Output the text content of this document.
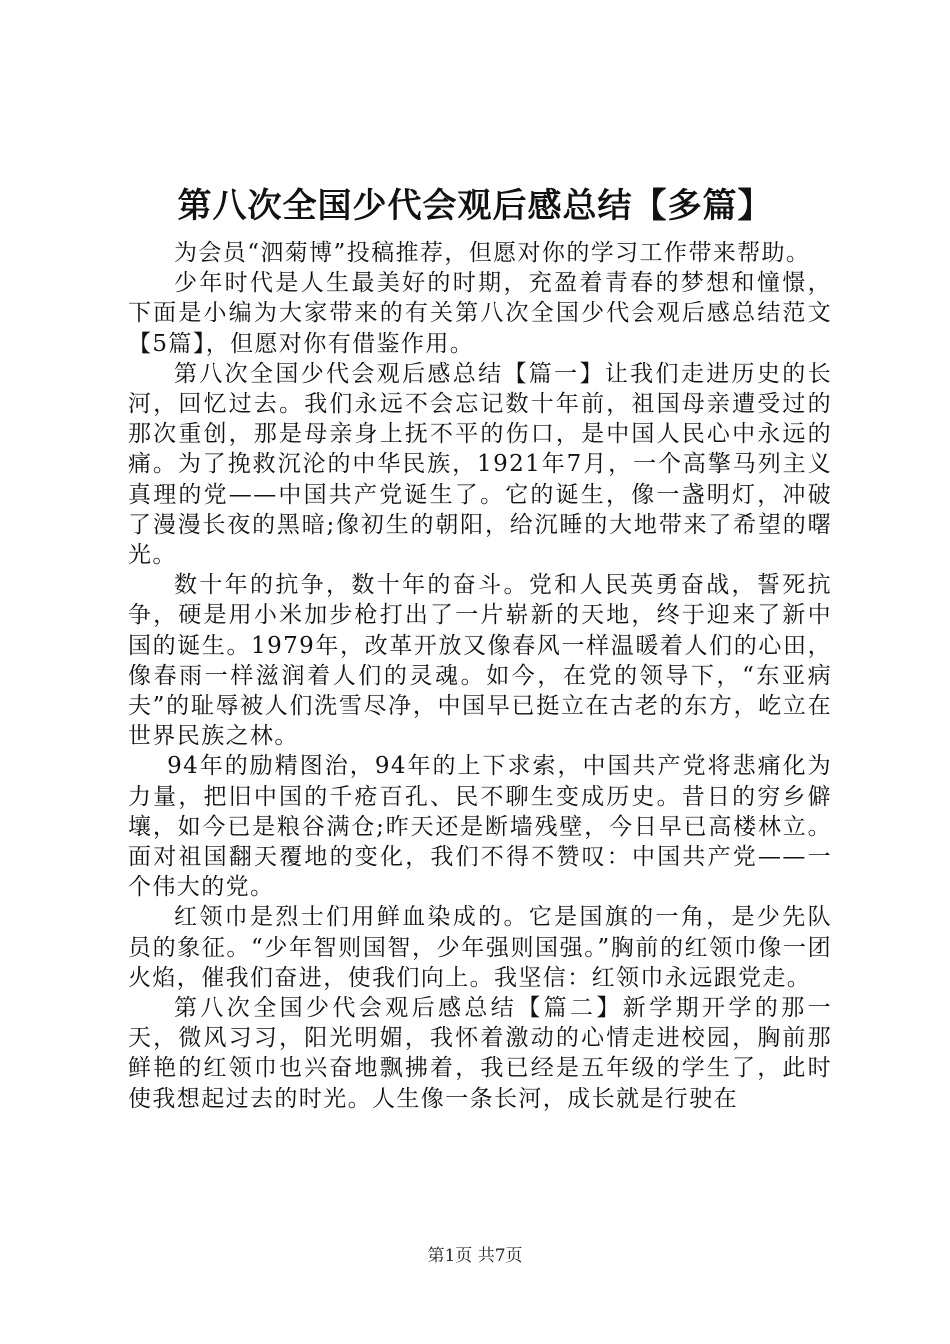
第八次全国少代会观后感总结【多篇】

为会员“泗菊博”投稿推荐，但愿对你的学习工作带来帮助。

少年时代是人生最美好的时期，充盈着青春的梦想和憧憬，下面是小编为大家带来的有关第八次全国少代会观后感总结范文【5篇】，但愿对你有借鉴作用。

第八次全国少代会观后感总结【篇一】让我们走进历史的长河，回忆过去。我们永远不会忘记数十年前，祖国母亲遭受过的那次重创，那是母亲身上抚不平的伤口，是中国人民心中永远的痛。为了挽救沉沦的中华民族，1921年7月，一个高擎马列主义真理的党——中国共产党诞生了。它的诞生，像一盏明灯，冲破了漫漫长夜的黑暗;像初生的朝阳，给沉睡的大地带来了希望的曙光。

数十年的抗争，数十年的奋斗。党和人民英勇奋战，誓死抗争，硬是用小米加步枪打出了一片崭新的天地，终于迎来了新中国的诞生。1979年，改革开放又像春风一样温暖着人们的心田，像春雨一样滋润着人们的灵魂。如今，在党的领导下，“东亚病夫”的耻辱被人们洗雪尽净，中国早已挺立在古老的东方，屹立在世界民族之林。

94年的励精图治，94年的上下求索，中国共产党将悲痛化为力量，把旧中国的千疮百孔、民不聊生变成历史。昔日的穷乡僻壤，如今已是粮谷满仓;昨天还是断墙残壁，今日早已高楼林立。面对祖国翻天覆地的变化，我们不得不赞叹：中国共产党——一个伟大的党。

红领巾是烈士们用鲜血染成的。它是国旗的一角，是少先队员的象征。“少年智则国智，少年强则国强。”胸前的红领巾像一团火焰，催我们奋进，使我们向上。我坚信：红领巾永远跟党走。

第八次全国少代会观后感总结【篇二】新学期开学的那一天，微风习习，阳光明媚，我怀着激动的心情走进校园，胸前那鲜艳的红领巾也兴奋地飘拂着，我已经是五年级的学生了，此时使我想起过去的时光。人生像一条长河，成长就是行驶在

第1页 共7页
